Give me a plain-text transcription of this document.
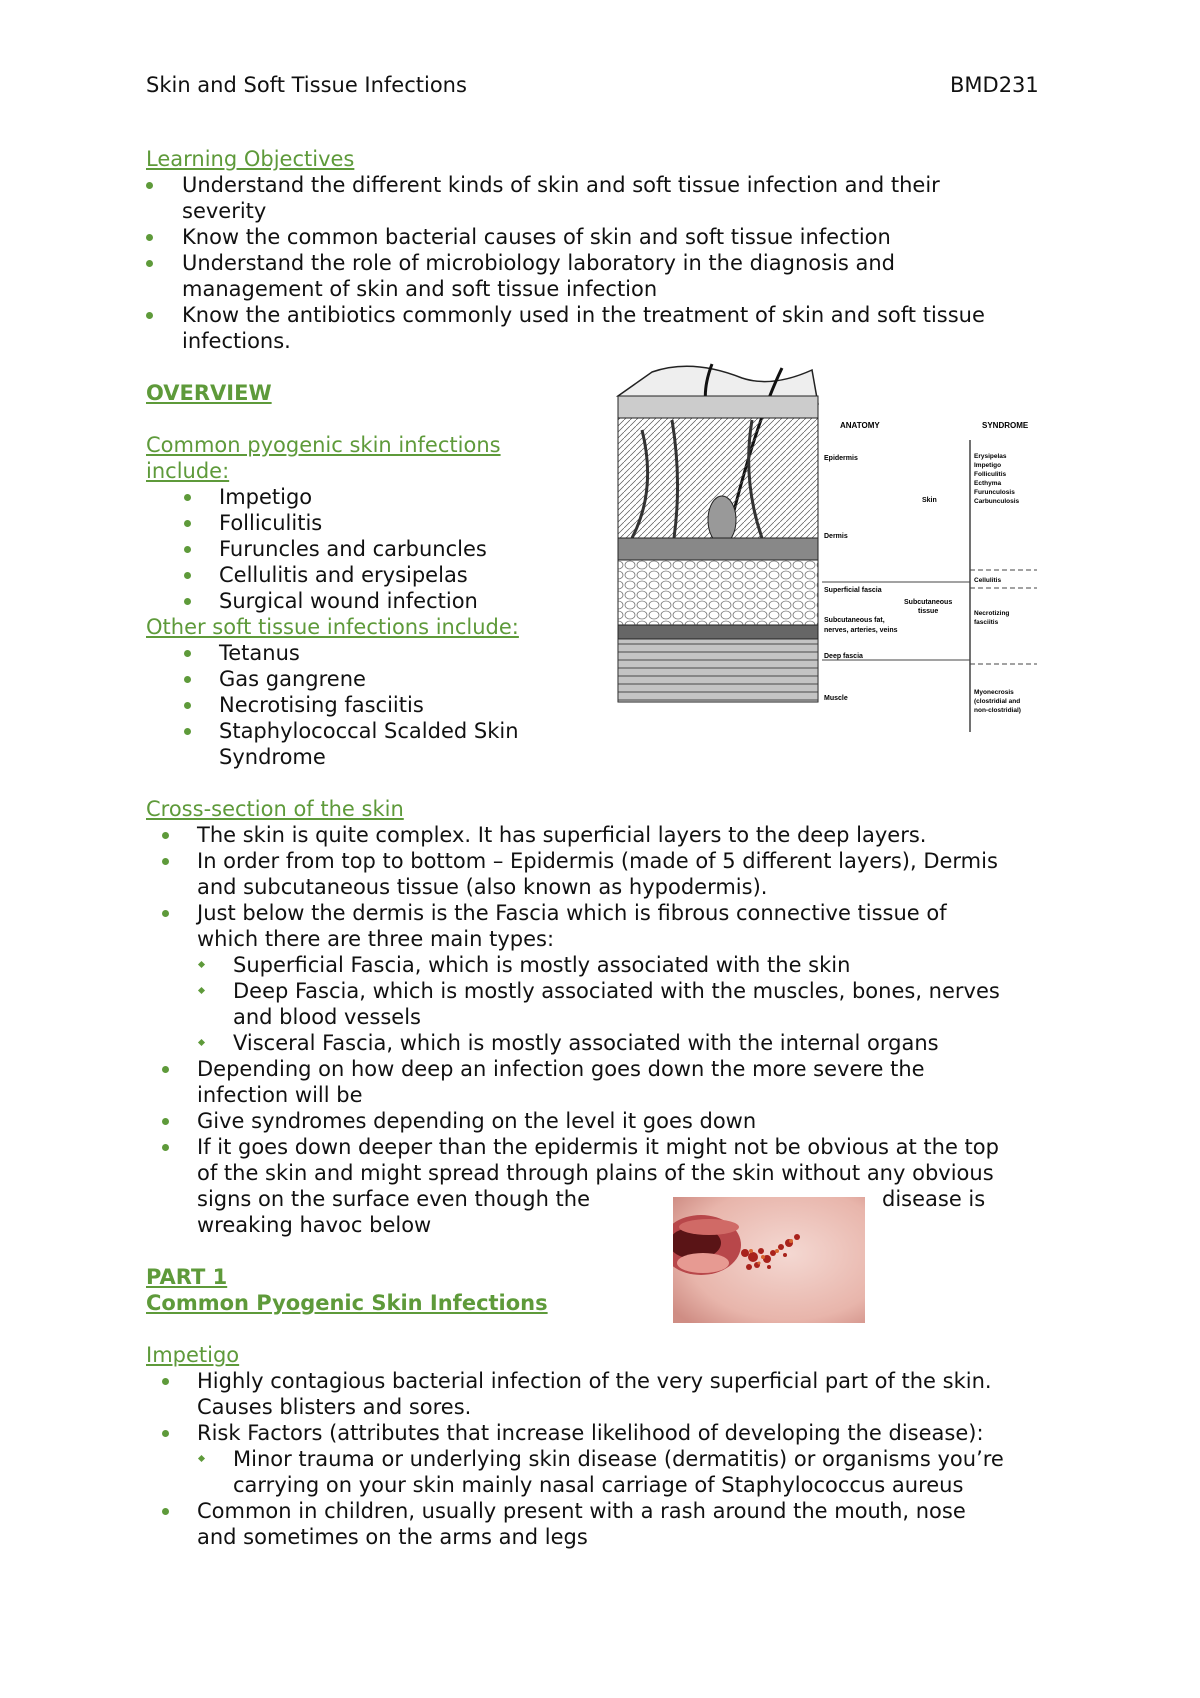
Skin and Soft Tissue Infections	BMD231
Learning Objectives
Understand the different kinds of skin and soft tissue infection and their
severity
Know the common bacterial causes of skin and soft tissue infection
Understand the role of microbiology laboratory in the diagnosis and
management of skin and soft tissue infection
Know the antibiotics commonly used in the treatment of skin and soft tissue
infections.
OVERVIEW
Common pyogenic skin infections
include:
Impetigo
Folliculitis
Furuncles and carbuncles
Cellulitis and erysipelas
Surgical wound infection
Other soft tissue infections include:
Tetanus
Gas gangrene
Necrotising fasciitis
Staphylococcal Scalded Skin
Syndrome
ANATOMY	SYNDROME
Epidermis
Skin
Dermis
Superficial fascia
Subcutaneous
tissue
Subcutaneous fat,
nerves, arteries, veins
Deep fascia
Muscle
Erysipelas
Impetigo
Folliculitis
Ecthyma
Furunculosis
Carbunculosis
Cellulitis
Necrotizing
fasciitis
Myonecrosis
(clostridial and
non-clostridial)
Cross-section of the skin
The skin is quite complex. It has superficial layers to the deep layers.
In order from top to bottom – Epidermis (made of 5 different layers), Dermis
and subcutaneous tissue (also known as hypodermis).
Just below the dermis is the Fascia which is fibrous connective tissue of
which there are three main types:
Superficial Fascia, which is mostly associated with the skin
Deep Fascia, which is mostly associated with the muscles, bones, nerves
and blood vessels
Visceral Fascia, which is mostly associated with the internal organs
Depending on how deep an infection goes down the more severe the
infection will be
Give syndromes depending on the level it goes down
If it goes down deeper than the epidermis it might not be obvious at the top
of the skin and might spread through plains of the skin without any obvious
signs on the surface even though the	disease is
wreaking havoc below
PART 1
Common Pyogenic Skin Infections
Impetigo
Highly contagious bacterial infection of the very superficial part of the skin.
Causes blisters and sores.
Risk Factors (attributes that increase likelihood of developing the disease):
Minor trauma or underlying skin disease (dermatitis) or organisms you’re
carrying on your skin mainly nasal carriage of Staphylococcus aureus
Common in children, usually present with a rash around the mouth, nose
and sometimes on the arms and legs
